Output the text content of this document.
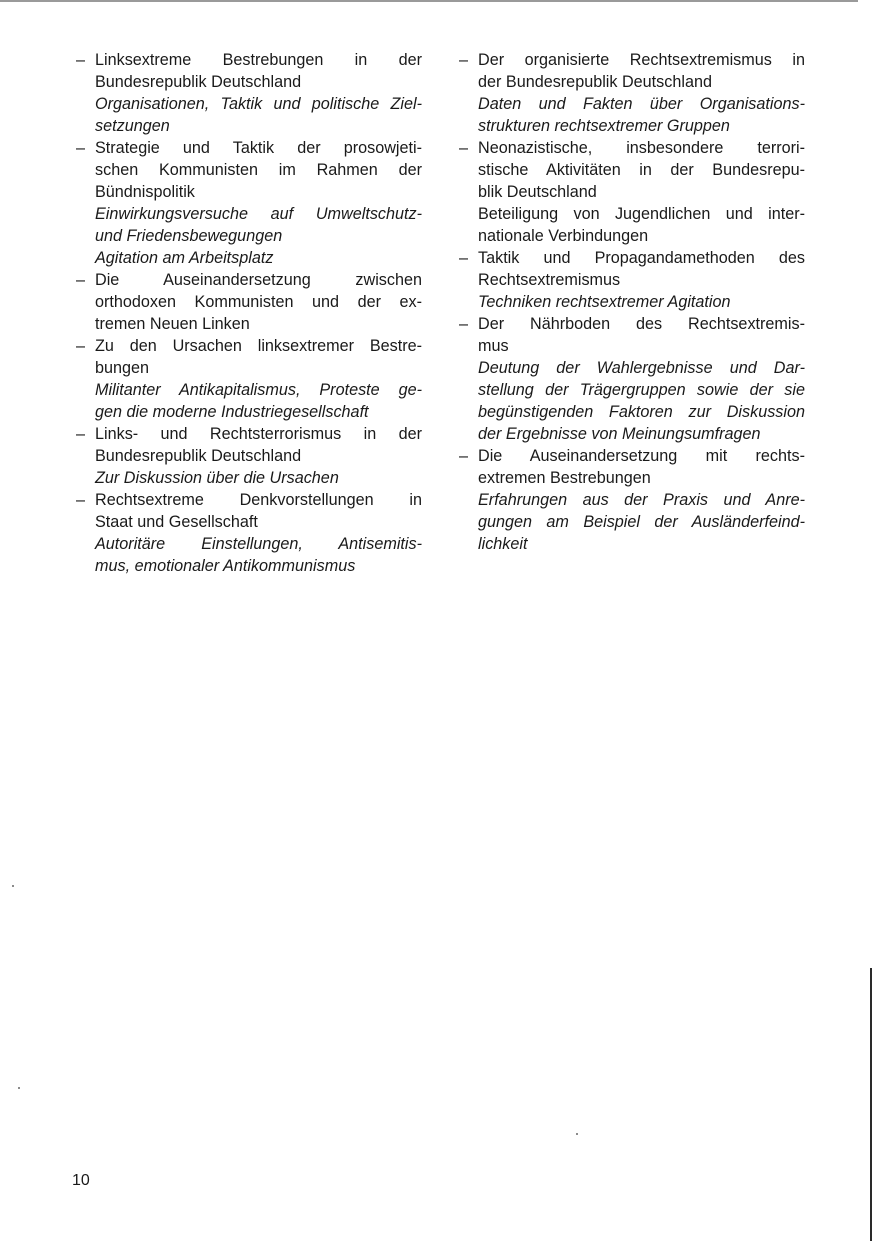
– Linksextreme Bestrebungen in der
Bundesrepublik Deutschland
Organisationen, Taktik und politische Ziel-
setzungen
– Strategie und Taktik der prosowjeti-
schen Kommunisten im Rahmen der
Bündnispolitik
Einwirkungsversuche auf Umweltschutz-
und Friedensbewegungen
Agitation am Arbeitsplatz
– Die Auseinandersetzung zwischen
orthodoxen Kommunisten und der ex-
tremen Neuen Linken
– Zu den Ursachen linksextremer Bestre-
bungen
Militanter Antikapitalismus, Proteste ge-
gen die moderne Industriegesellschaft
– Links- und Rechtsterrorismus in der
Bundesrepublik Deutschland
Zur Diskussion über die Ursachen
– Rechtsextreme Denkvorstellungen in
Staat und Gesellschaft
Autoritäre Einstellungen, Antisemitis-
mus, emotionaler Antikommunismus
– Der organisierte Rechtsextremismus in
der Bundesrepublik Deutschland
Daten und Fakten über Organisations-
strukturen rechtsextremer Gruppen
– Neonazistische, insbesondere terrori-
stische Aktivitäten in der Bundesrepu-
blik Deutschland
Beteiligung von Jugendlichen und inter-
nationale Verbindungen
– Taktik und Propagandamethoden des
Rechtsextremismus
Techniken rechtsextremer Agitation
– Der Nährboden des Rechtsextremis-
mus
Deutung der Wahlergebnisse und Dar-
stellung der Trägergruppen sowie der sie
begünstigenden Faktoren zur Diskussion
der Ergebnisse von Meinungsumfragen
– Die Auseinandersetzung mit rechts-
extremen Bestrebungen
Erfahrungen aus der Praxis und Anre-
gungen am Beispiel der Ausländerfeind-
lichkeit
10
